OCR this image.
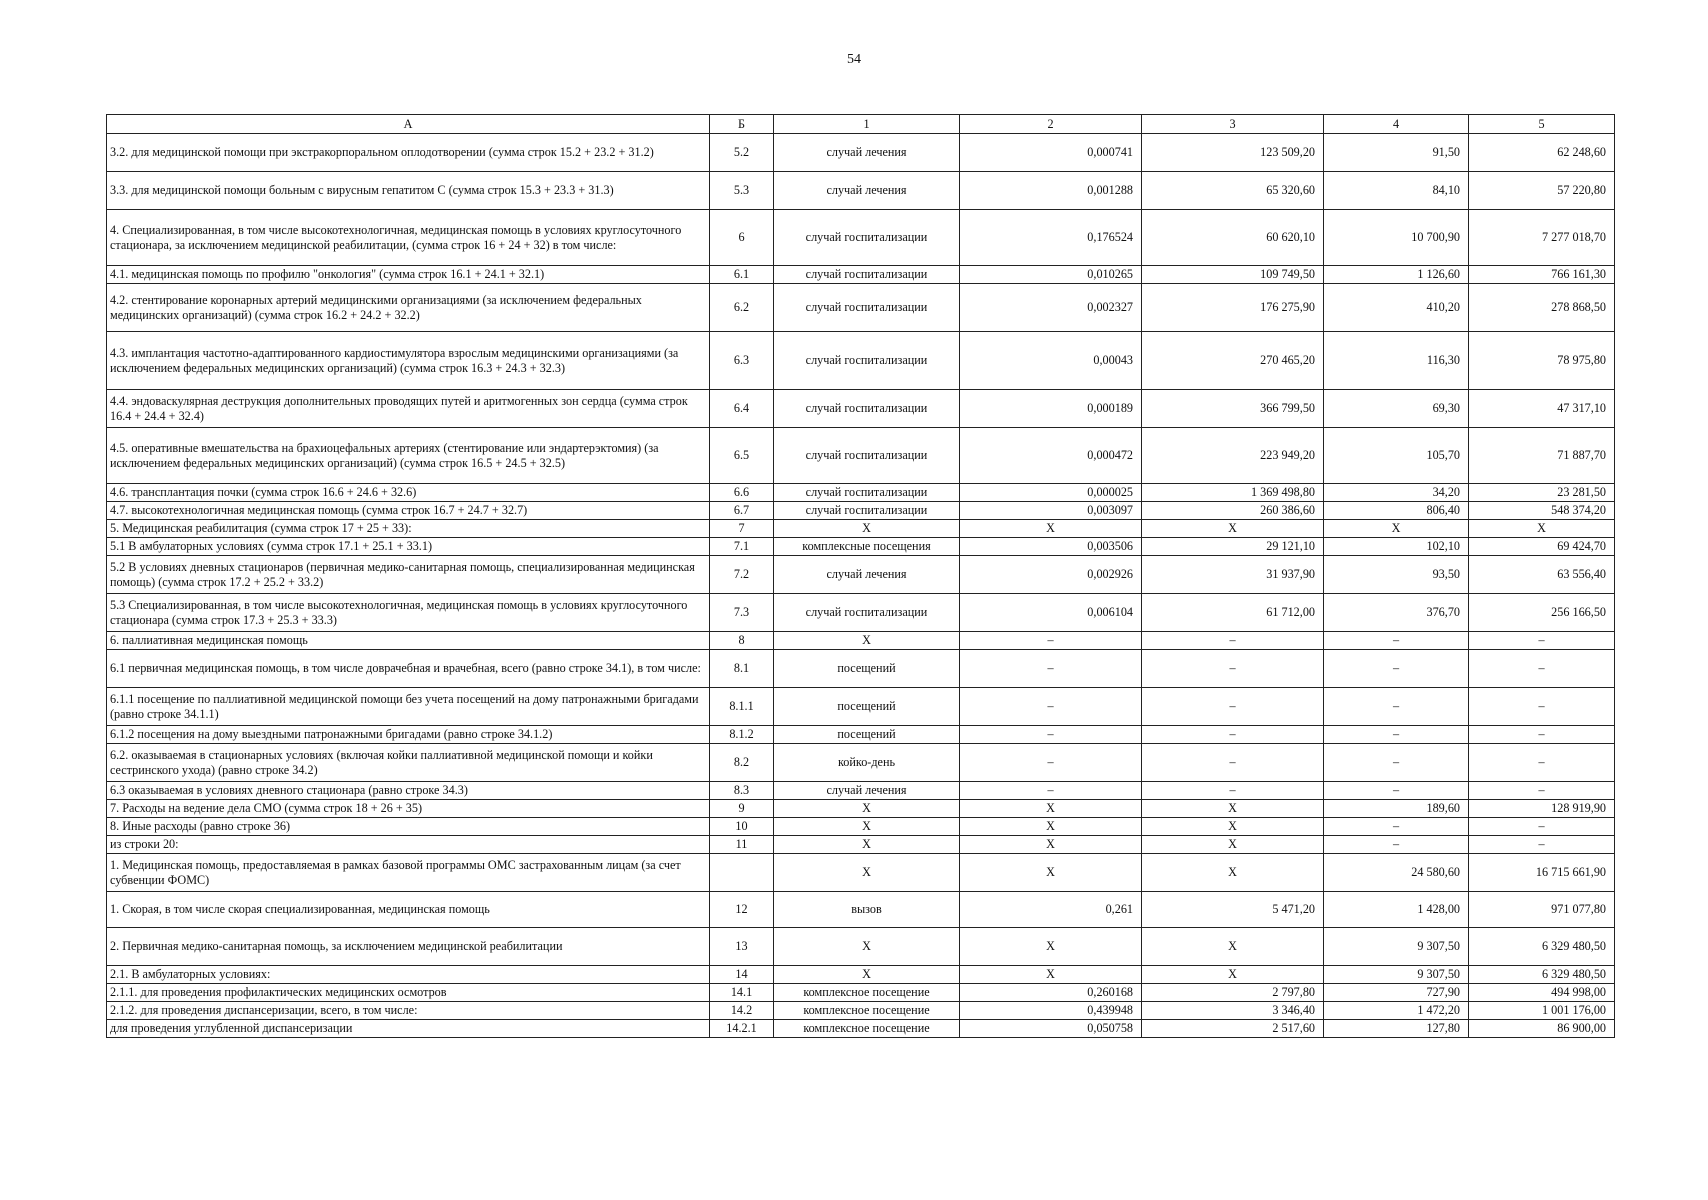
54
А	Б	1	2	3	4	5
3.2. для медицинской помощи при экстракорпоральном оплодотворении (сумма строк 15.2 + 23.2 + 31.2)	5.2	случай лечения	0,000741	123 509,20	91,50	62 248,60
3.3. для медицинской помощи больным с вирусным гепатитом С (сумма строк 15.3 + 23.3 + 31.3)	5.3	случай лечения	0,001288	65 320,60	84,10	57 220,80
4. Специализированная, в том числе высокотехнологичная, медицинская помощь в условиях круглосуточного стационара, за исключением медицинской реабилитации, (сумма строк 16 + 24 + 32) в том числе:	6	случай госпитализации	0,176524	60 620,10	10 700,90	7 277 018,70
4.1. медицинская помощь по профилю "онкология" (сумма строк 16.1 + 24.1 + 32.1)	6.1	случай госпитализации	0,010265	109 749,50	1 126,60	766 161,30
4.2. стентирование коронарных артерий медицинскими организациями (за исключением федеральных медицинских организаций) (сумма строк 16.2 + 24.2 + 32.2)	6.2	случай госпитализации	0,002327	176 275,90	410,20	278 868,50
4.3. имплантация частотно-адаптированного кардиостимулятора взрослым медицинскими организациями (за исключением федеральных медицинских организаций) (сумма строк 16.3 + 24.3 + 32.3)	6.3	случай госпитализации	0,00043	270 465,20	116,30	78 975,80
4.4. эндоваскулярная деструкция дополнительных проводящих путей и аритмогенных зон сердца (сумма строк 16.4 + 24.4 + 32.4)	6.4	случай госпитализации	0,000189	366 799,50	69,30	47 317,10
4.5. оперативные вмешательства на брахиоцефальных артериях (стентирование или эндартерэктомия) (за исключением федеральных медицинских организаций) (сумма строк 16.5 + 24.5 + 32.5)	6.5	случай госпитализации	0,000472	223 949,20	105,70	71 887,70
4.6. трансплантация почки (сумма строк 16.6 + 24.6 + 32.6)	6.6	случай госпитализации	0,000025	1 369 498,80	34,20	23 281,50
4.7. высокотехнологичная медицинская помощь (сумма строк 16.7 + 24.7 + 32.7)	6.7	случай госпитализации	0,003097	260 386,60	806,40	548 374,20
5. Медицинская реабилитация (сумма строк 17 + 25 + 33):	7	X	X	X	X	X
5.1 В амбулаторных условиях (сумма строк 17.1 + 25.1 + 33.1)	7.1	комплексные посещения	0,003506	29 121,10	102,10	69 424,70
5.2 В условиях дневных стационаров (первичная медико-санитарная помощь, специализированная медицинская помощь) (сумма строк 17.2 + 25.2 + 33.2)	7.2	случай лечения	0,002926	31 937,90	93,50	63 556,40
5.3 Специализированная, в том числе высокотехнологичная, медицинская помощь в условиях круглосуточного стационара (сумма строк 17.3 + 25.3 + 33.3)	7.3	случай госпитализации	0,006104	61 712,00	376,70	256 166,50
6. паллиативная медицинская помощь	8	X	–	–	–	–
6.1 первичная медицинская помощь, в том числе доврачебная и врачебная, всего (равно строке 34.1), в том числе:	8.1	посещений	–	–	–	–
6.1.1 посещение по паллиативной медицинской помощи без учета посещений на дому патронажными бригадами (равно строке 34.1.1)	8.1.1	посещений	–	–	–	–
6.1.2 посещения на дому выездными патронажными бригадами (равно строке 34.1.2)	8.1.2	посещений	–	–	–	–
6.2. оказываемая в стационарных условиях (включая койки паллиативной медицинской помощи и койки сестринского ухода) (равно строке 34.2)	8.2	койко-день	–	–	–	–
6.3 оказываемая в условиях дневного стационара (равно строке 34.3)	8.3	случай лечения	–	–	–	–
7. Расходы на ведение дела СМО (сумма строк 18 + 26 + 35)	9	X	X	X	189,60	128 919,90
8. Иные расходы (равно строке 36)	10	X	X	X	–	–
из строки 20:	11	X	X	X	–	–
1. Медицинская помощь, предоставляемая в рамках базовой программы ОМС застрахованным лицам (за счет субвенции ФОМС)		X	X	X	24 580,60	16 715 661,90
1. Скорая, в том числе скорая специализированная, медицинская помощь	12	вызов	0,261	5 471,20	1 428,00	971 077,80
2. Первичная медико-санитарная помощь, за исключением медицинской реабилитации	13	X	X	X	9 307,50	6 329 480,50
2.1. В амбулаторных условиях:	14	X	X	X	9 307,50	6 329 480,50
2.1.1. для проведения профилактических медицинских осмотров	14.1	комплексное посещение	0,260168	2 797,80	727,90	494 998,00
2.1.2. для проведения диспансеризации, всего, в том числе:	14.2	комплексное посещение	0,439948	3 346,40	1 472,20	1 001 176,00
для проведения углубленной диспансеризации	14.2.1	комплексное посещение	0,050758	2 517,60	127,80	86 900,00
